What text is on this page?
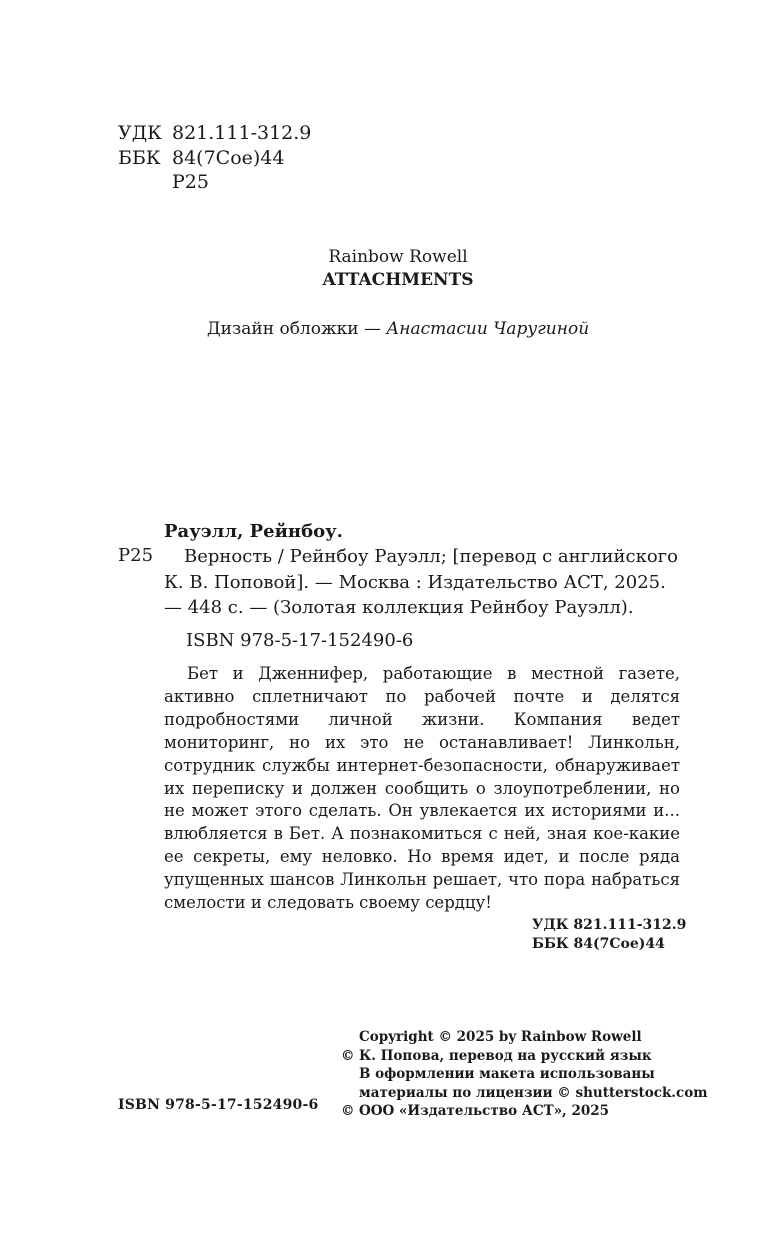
УДК 821.111-312.9
ББК 84(7Сое)44
Р25
Rainbow Rowell
ATTACHMENTS
Дизайн обложки — Анастасии Чаругиной
Рауэлл, Рейнбоу.
Р25	Верность / Рейнбоу Рауэлл; [перевод с английского К. В. Поповой]. — Москва : Издательство АСТ, 2025. — 448 с. — (Золотая коллекция Рейнбоу Рауэлл).
ISBN 978-5-17-152490-6

Бет и Дженнифер, работающие в местной газете, активно сплетничают по рабочей почте и делятся подробностями личной жизни. Компания ведет мониторинг, но их это не останавливает! Линкольн, сотрудник службы интернет-безопасности, обнаруживает их переписку и должен сообщить о злоупотреблении, но не может этого сделать. Он увлекается их историями и... влюбляется в Бет. А познакомиться с ней, зная кое-какие ее секреты, ему неловко. Но время идет, и после ряда упущенных шансов Линкольн решает, что пора набраться смелости и следовать своему сердцу!

УДК 821.111-312.9
ББК 84(7Сое)44
Copyright © 2025 by Rainbow Rowell
© К. Попова, перевод на русский язык
В оформлении макета использованы
материалы по лицензии © shutterstock.com
© ООО «Издательство АСТ», 2025
ISBN 978-5-17-152490-6
